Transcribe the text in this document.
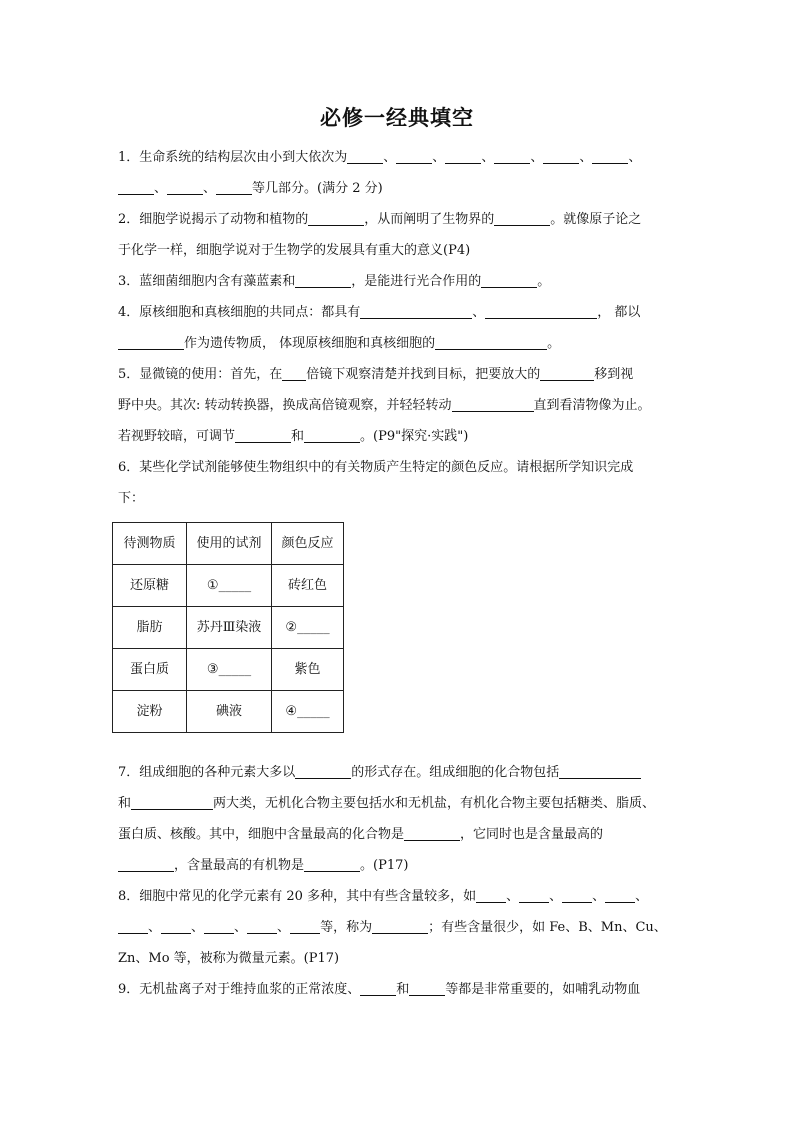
必修一经典填空
1．生命系统的结构层次由小到大依次为	、	、	、	、	、	、
、	、	等几部分。(满分 2 分)
2．细胞学说揭示了动物和植物的	，从而阐明了生物界的	。就像原子论之
于化学一样，细胞学说对于生物学的发展具有重大的意义(P4)
3．蓝细菌细胞内含有藻蓝素和	，是能进行光合作用的	。
4．原核细胞和真核细胞的共同点：都具有	、	， 都以
作为遗传物质， 体现原核细胞和真核细胞的	。
5．显微镜的使用：首先，在 倍镜下观察清楚并找到目标，把要放大的	移到视
野中央。其次: 转动转换器，换成高倍镜观察，并轻轻转动	直到看清物像为止。
若视野较暗，可调节	和	。(P9"探究·实践")
6．某些化学试剂能够使生物组织中的有关物质产生特定的颜色反应。请根据所学知识完成
下：
待测物质	使用的试剂	颜色反应
还原糖	①_____	砖红色
脂肪	苏丹Ⅲ染液	②_____
蛋白质	③_____	紫色
淀粉	碘液	④_____
7．组成细胞的各种元素大多以	的形式存在。组成细胞的化合物包括
和	两大类，无机化合物主要包括水和无机盐，有机化合物主要包括糖类、脂质、
蛋白质、核酸。其中，细胞中含量最高的化合物是	，它同时也是含量最高的
，含量最高的有机物是	。(P17)
8．细胞中常见的化学元素有 20 多种，其中有些含量较多，如 、 、 、 、
、 、 、 、 等，称为	；有些含量很少，如 Fe、B、Mn、Cu、
Zn、Mo 等，被称为微量元素。(P17)
9．无机盐离子对于维持血浆的正常浓度、	和	等都是非常重要的，如哺乳动物血
